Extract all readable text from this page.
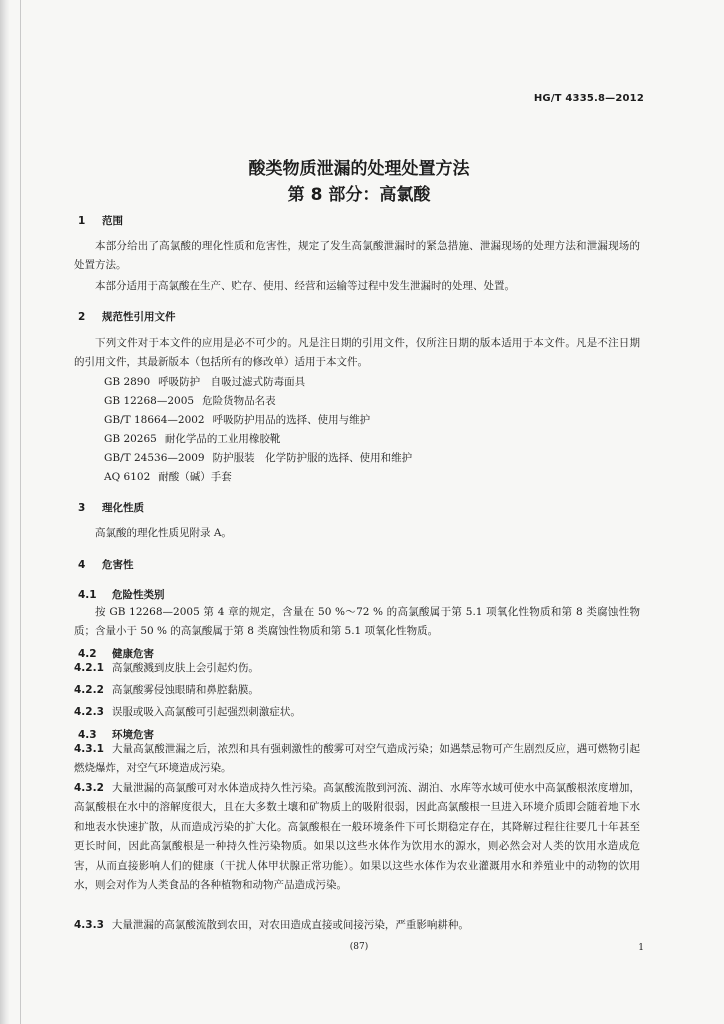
HG/T 4335.8—2012
酸类物质泄漏的处理处置方法
第 8 部分：高氯酸
1 范围
本部分给出了高氯酸的理化性质和危害性，规定了发生高氯酸泄漏时的紧急措施、泄漏现场的处理方法和泄漏现场的处置方法。
本部分适用于高氯酸在生产、贮存、使用、经营和运输等过程中发生泄漏时的处理、处置。
2 规范性引用文件
下列文件对于本文件的应用是必不可少的。凡是注日期的引用文件，仅所注日期的版本适用于本文件。凡是不注日期的引用文件，其最新版本（包括所有的修改单）适用于本文件。
GB 2890 呼吸防护　自吸过滤式防毒面具
GB 12268—2005 危险货物品名表
GB/T 18664—2002 呼吸防护用品的选择、使用与维护
GB 20265 耐化学品的工业用橡胶靴
GB/T 24536—2009 防护服装　化学防护服的选择、使用和维护
AQ 6102 耐酸（碱）手套
3 理化性质
高氯酸的理化性质见附录 A。
4 危害性
4.1 危险性类别
按 GB 12268—2005 第 4 章的规定，含量在 50 %～72 % 的高氯酸属于第 5.1 项氧化性物质和第 8 类腐蚀性物质；含量小于 50 % 的高氯酸属于第 8 类腐蚀性物质和第 5.1 项氧化性物质。
4.2 健康危害
4.2.1 高氯酸溅到皮肤上会引起灼伤。
4.2.2 高氯酸雾侵蚀眼睛和鼻腔黏膜。
4.2.3 误服或吸入高氯酸可引起强烈刺激症状。
4.3 环境危害
4.3.1 大量高氯酸泄漏之后，浓烈和具有强刺激性的酸雾可对空气造成污染；如遇禁忌物可产生剧烈反应，遇可燃物引起燃烧爆炸，对空气环境造成污染。
4.3.2 大量泄漏的高氯酸可对水体造成持久性污染。高氯酸流散到河流、湖泊、水库等水域可使水中高氯酸根浓度增加，高氯酸根在水中的溶解度很大，且在大多数土壤和矿物质上的吸附很弱，因此高氯酸根一旦进入环境介质即会随着地下水和地表水快速扩散，从而造成污染的扩大化。高氯酸根在一般环境条件下可长期稳定存在，其降解过程往往要几十年甚至更长时间，因此高氯酸根是一种持久性污染物质。如果以这些水体作为饮用水的源水，则必然会对人类的饮用水造成危害，从而直接影响人们的健康（干扰人体甲状腺正常功能）。如果以这些水体作为农业灌溉用水和养殖业中的动物的饮用水，则会对作为人类食品的各种植物和动物产品造成污染。
4.3.3 大量泄漏的高氯酸流散到农田，对农田造成直接或间接污染，严重影响耕种。
(87)	1
